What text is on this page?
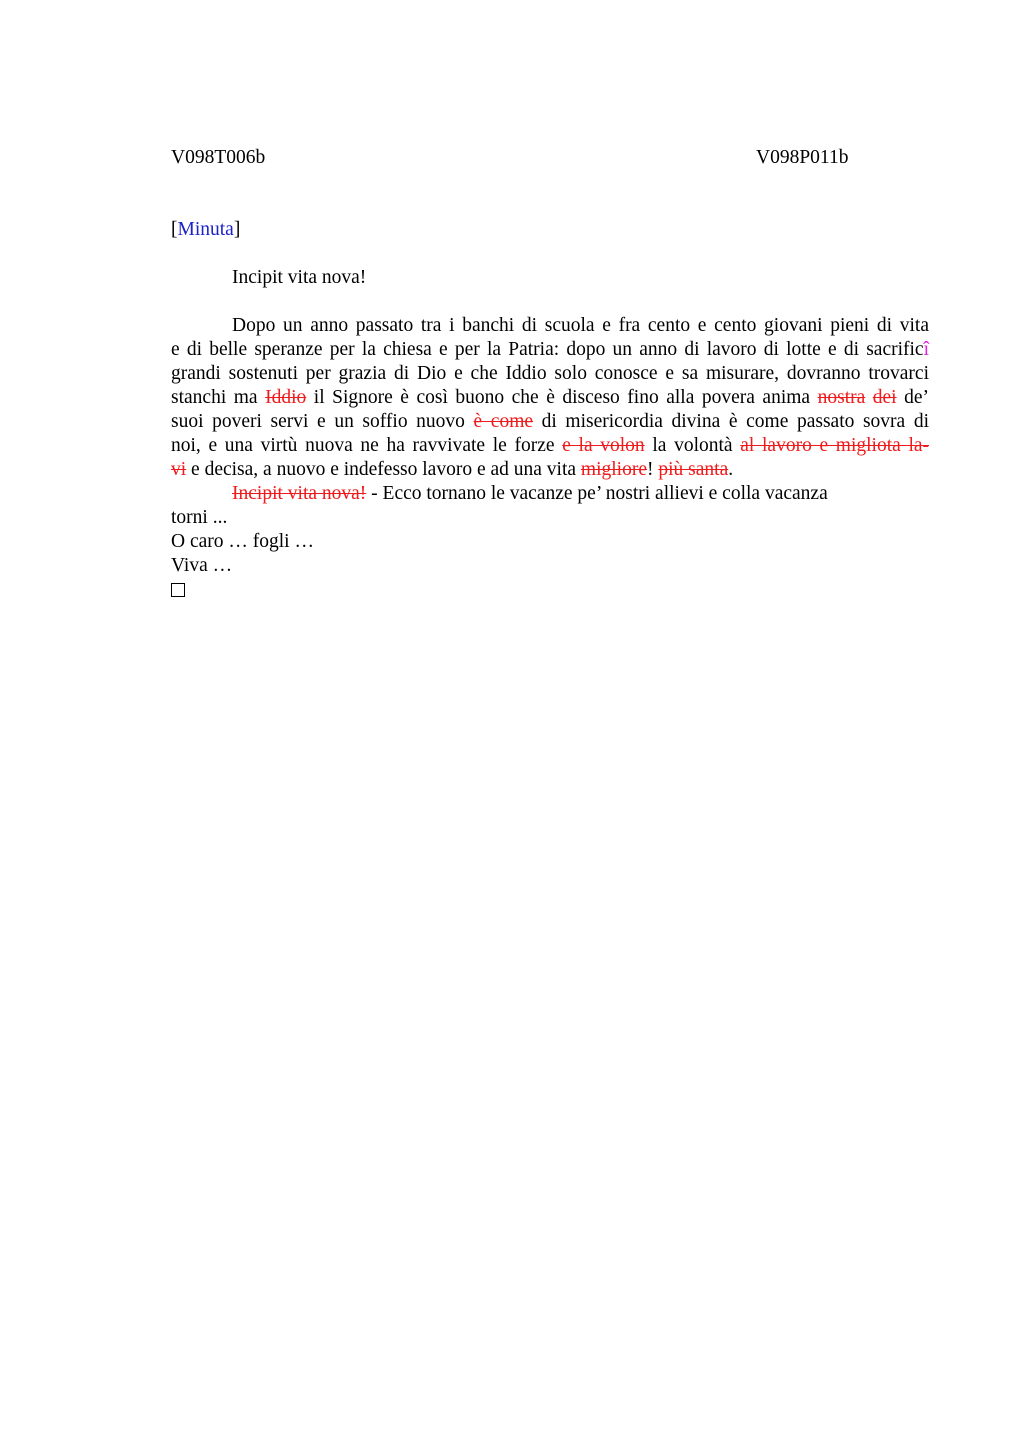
V098T006b	V098P011b
[Minuta]
Incipit vita nova!
Dopo un anno passato tra i banchi di scuola e fra cento e cento giovani pieni di vita
e di belle speranze per la chiesa e per la Patria: dopo un anno di lavoro di lotte e di sacrificî
grandi sostenuti per grazia di Dio e che Iddio solo conosce e sa misurare, dovranno trovarci
stanchi ma Iddio il Signore è così buono che è disceso fino alla povera anima nostra dei de’
suoi poveri servi e un soffio nuovo è come di misericordia divina è come passato sovra di
noi, e una virtù nuova ne ha ravvivate le forze e la volon la volontà al lavoro e migliota la-
vi e decisa, a nuovo e indefesso lavoro e ad una vita migliore! più santa.
Incipit vita nova! - Ecco tornano le vacanze pe’ nostri allievi e colla vacanza
torni ...
O caro … fogli …
Viva …
